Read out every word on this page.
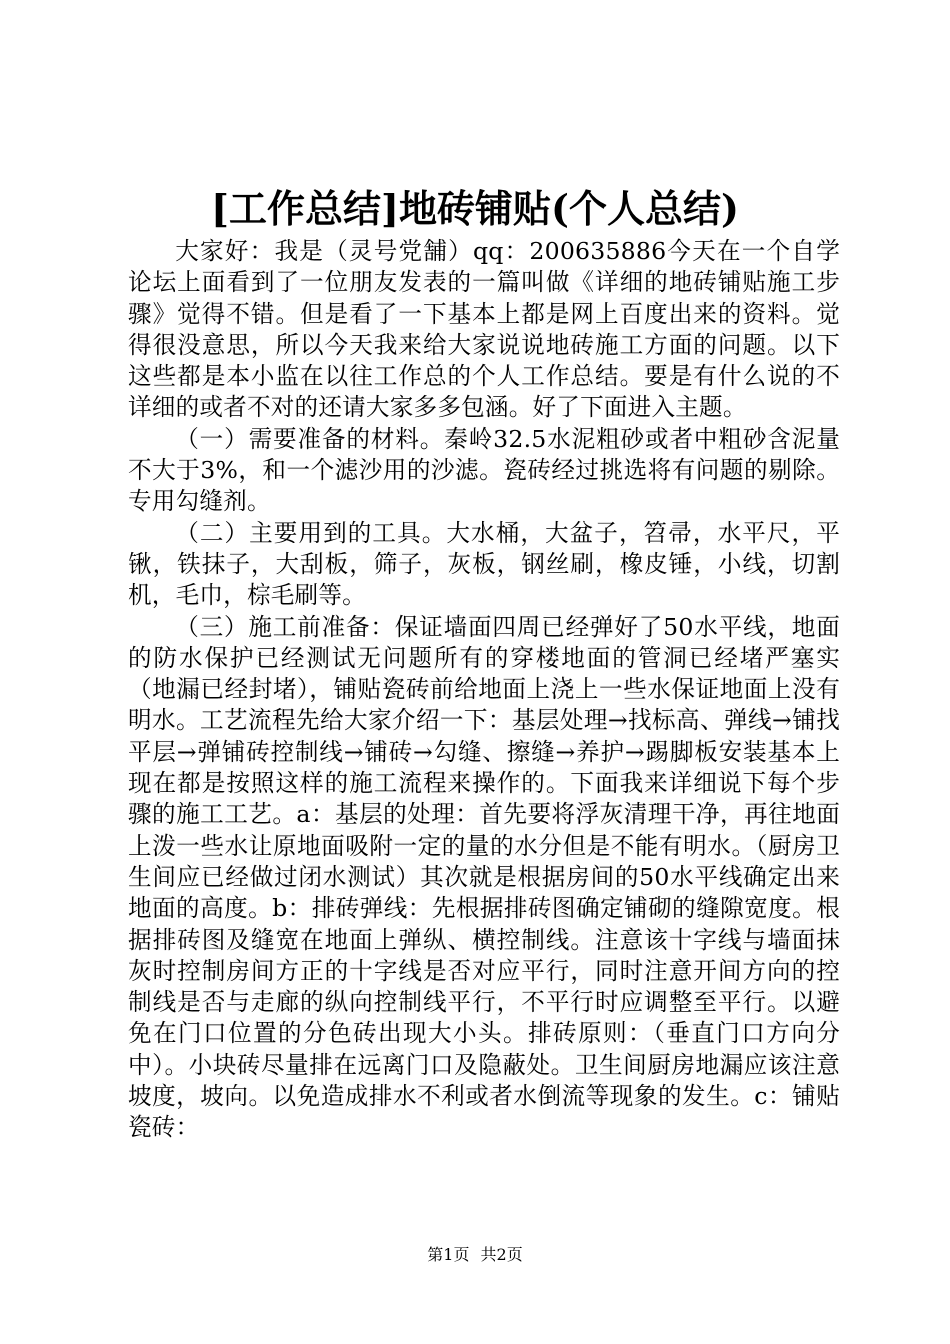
[工作总结]地砖铺贴(个人总结)

大家好：我是（灵号党舗）qq：200635886今天在一个自学论坛上面看到了一位朋友发表的一篇叫做《详细的地砖铺贴施工步骤》觉得不错。但是看了一下基本上都是网上百度出来的资料。觉得很没意思，所以今天我来给大家说说地砖施工方面的问题。以下这些都是本小监在以往工作总的个人工作总结。要是有什么说的不详细的或者不对的还请大家多多包涵。好了下面进入主题。

（一）需要准备的材料。秦岭32.5水泥粗砂或者中粗砂含泥量不大于3%，和一个滤沙用的沙滤。瓷砖经过挑选将有问题的剔除。专用勾缝剂。

（二）主要用到的工具。大水桶，大盆子，笤帚，水平尺，平锹，铁抹子，大刮板，筛子，灰板，钢丝刷，橡皮锤，小线，切割机，毛巾，棕毛刷等。

（三）施工前准备：保证墙面四周已经弹好了50水平线，地面的防水保护已经测试无问题所有的穿楼地面的管洞已经堵严塞实（地漏已经封堵），铺贴瓷砖前给地面上浇上一些水保证地面上没有明水。工艺流程先给大家介绍一下：基层处理→找标高、弹线→铺找平层→弹铺砖控制线→铺砖→勾缝、擦缝→养护→踢脚板安装基本上现在都是按照这样的施工流程来操作的。下面我来详细说下每个步骤的施工工艺。a：基层的处理：首先要将浮灰清理干净，再往地面上泼一些水让原地面吸附一定的量的水分但是不能有明水。（厨房卫生间应已经做过闭水测试）其次就是根据房间的50水平线确定出来地面的高度。b：排砖弹线：先根据排砖图确定铺砌的缝隙宽度。根据排砖图及缝宽在地面上弹纵、横控制线。注意该十字线与墙面抹灰时控制房间方正的十字线是否对应平行，同时注意开间方向的控制线是否与走廊的纵向控制线平行，不平行时应调整至平行。以避免在门口位置的分色砖出现大小头。排砖原则：（垂直门口方向分中）。小块砖尽量排在远离门口及隐蔽处。卫生间厨房地漏应该注意坡度，坡向。以免造成排水不利或者水倒流等现象的发生。c：铺贴瓷砖：

第1页 共2页
